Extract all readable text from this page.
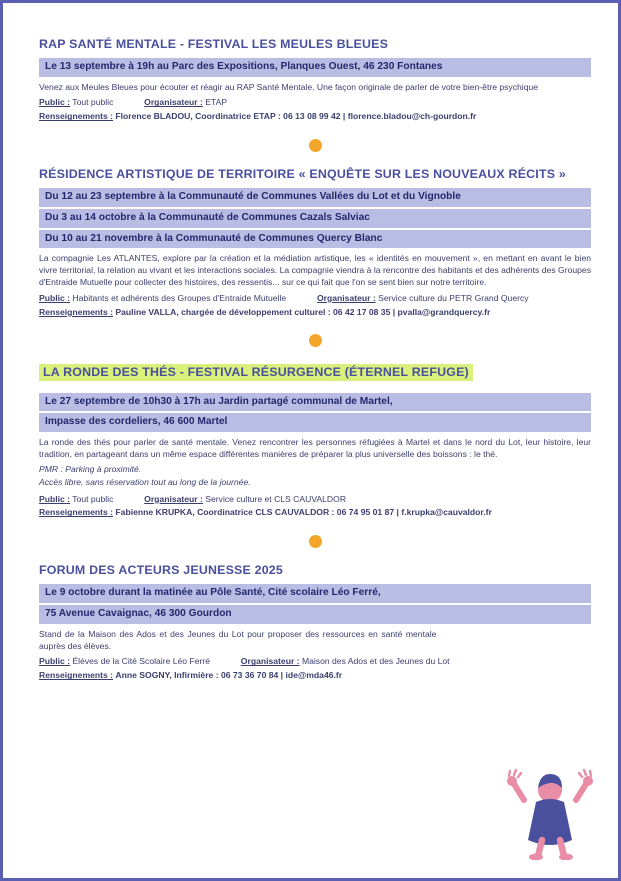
RAP SANTÉ MENTALE - FESTIVAL LES MEULES BLEUES
Le 13 septembre à 19h au Parc des Expositions, Planques Ouest, 46 230 Fontanes
Venez aux Meules Bleues pour écouter et réagir au RAP Santé Mentale. Une façon originale de parler de votre bien-être psychique
Public : Tout public	Organisateur : ETAP
Renseignements : Florence BLADOU, Coordinatrice ETAP : 06 13 08 99 42 | florence.bladou@ch-gourdon.fr
RÉSIDENCE ARTISTIQUE DE TERRITOIRE « ENQUÊTE SUR LES NOUVEAUX RÉCITS »
Du 12 au 23 septembre à la Communauté de Communes Vallées du Lot et du Vignoble
Du 3 au 14 octobre à la Communauté de Communes Cazals Salviac
Du 10 au 21 novembre à la Communauté de Communes Quercy Blanc
La compagnie Les ATLANTES, explore par la création et la médiation artistique, les « identités en mouvement », en mettant en avant le bien vivre territorial, la relation au vivant et les interactions sociales. La compagnie viendra à la rencontre des habitants et des adhérents des Groupes d'Entraide Mutuelle pour collecter des histoires, des ressentis... sur ce qui fait que l'on se sent bien sur notre territoire.
Public : Habitants et adhérents des Groupes d'Entraide Mutuelle	Organisateur : Service culture du PETR Grand Quercy
Renseignements : Pauline VALLA, chargée de développement culturel : 06 42 17 08 35 | pvalla@grandquercy.fr
LA RONDE DES THÉS - FESTIVAL RÉSURGENCE (ÉTERNEL REFUGE)
Le 27 septembre de 10h30 à 17h au Jardin partagé communal de Martel,
Impasse des cordeliers, 46 600 Martel
La ronde des thés pour parler de santé mentale. Venez rencontrer les personnes réfugiées à Martel et dans le nord du Lot, leur histoire, leur tradition, en partageant dans un même espace différentes manières de préparer la plus universelle des boissons : le thé.
PMR : Parking à proximité.
Accès libre, sans réservation tout au long de la journée.
Public : Tout public	Organisateur : Service culture et CLS CAUVALDOR
Renseignements : Fabienne KRUPKA, Coordinatrice CLS CAUVALDOR : 06 74 95 01 87 | f.krupka@cauvaldor.fr
FORUM DES ACTEURS JEUNESSE 2025
Le 9 octobre durant la matinée au Pôle Santé, Cité scolaire Léo Ferré,
75 Avenue Cavaignac, 46 300 Gourdon
Stand de la Maison des Ados et des Jeunes du Lot pour proposer des ressources en santé mentale auprès des élèves.
Public : Élèves de la Cité Scolaire Léo Ferré	Organisateur : Maison des Ados et des Jeunes du Lot
Renseignements : Anne SOGNY, Infirmière : 06 73 36 70 84 | ide@mda46.fr
